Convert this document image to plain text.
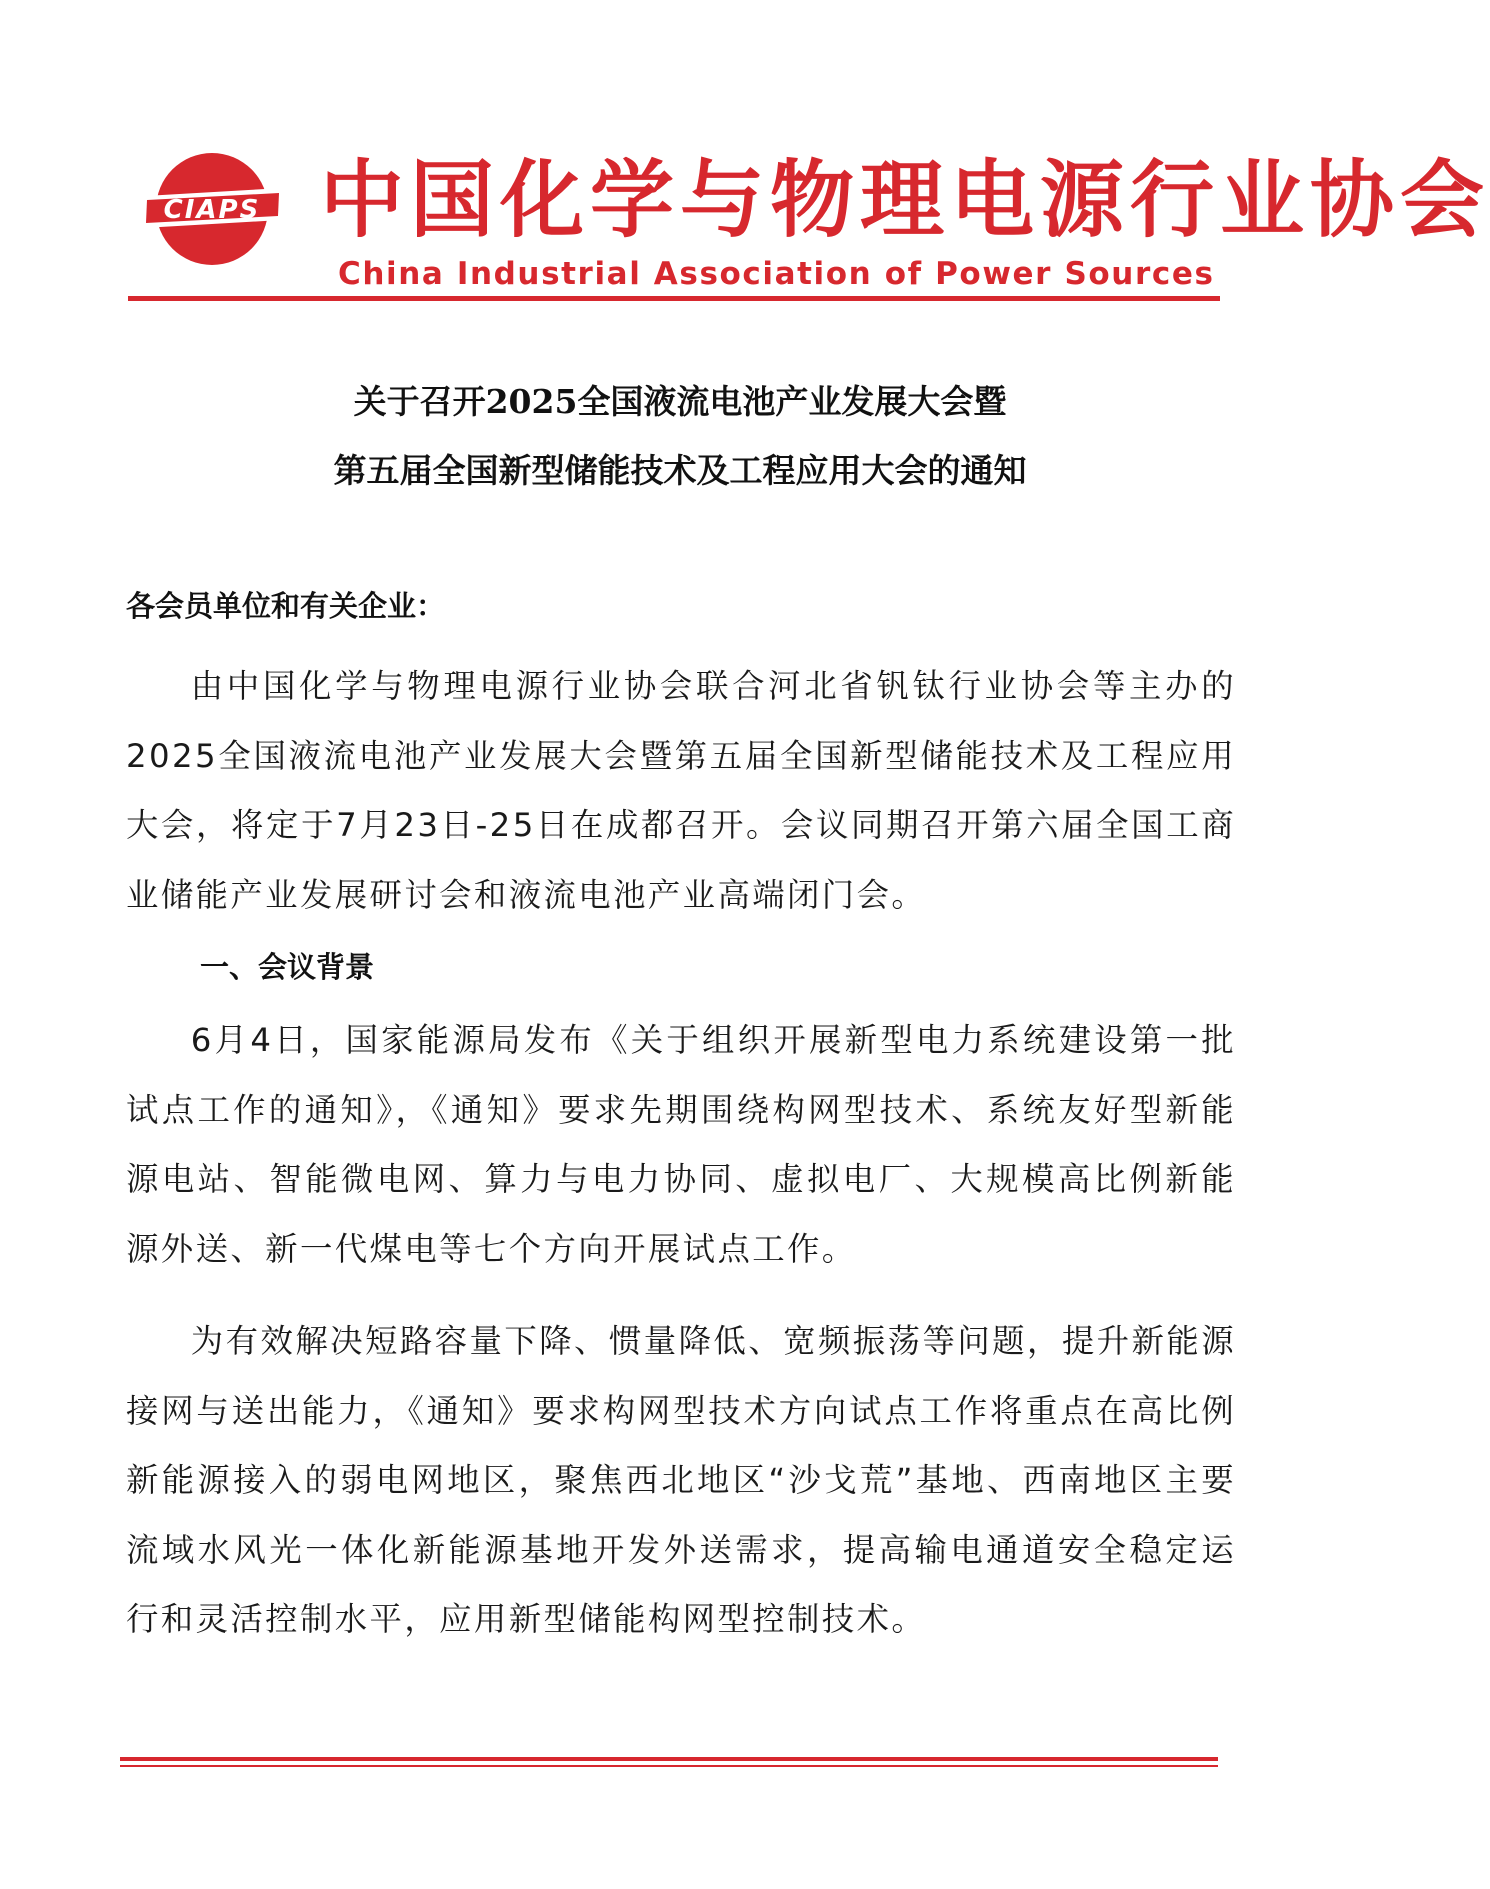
CIAPS 中国化学与物理电源行业协会
China Industrial Association of Power Sources
关于召开2025全国液流电池产业发展大会暨
第五届全国新型储能技术及工程应用大会的通知
各会员单位和有关企业：

由中国化学与物理电源行业协会联合河北省钒钛行业协会等主办的2025全国液流电池产业发展大会暨第五届全国新型储能技术及工程应用大会，将定于7月23日-25日在成都召开。会议同期召开第六届全国工商业储能产业发展研讨会和液流电池产业高端闭门会。

一、会议背景

6月4日，国家能源局发布《关于组织开展新型电力系统建设第一批试点工作的通知》，《通知》要求先期围绕构网型技术、系统友好型新能源电站、智能微电网、算力与电力协同、虚拟电厂、大规模高比例新能源外送、新一代煤电等七个方向开展试点工作。

为有效解决短路容量下降、惯量降低、宽频振荡等问题，提升新能源接网与送出能力，《通知》要求构网型技术方向试点工作将重点在高比例新能源接入的弱电网地区，聚焦西北地区“沙戈荒”基地、西南地区主要流域水风光一体化新能源基地开发外送需求，提高输电通道安全稳定运行和灵活控制水平，应用新型储能构网型控制技术。
